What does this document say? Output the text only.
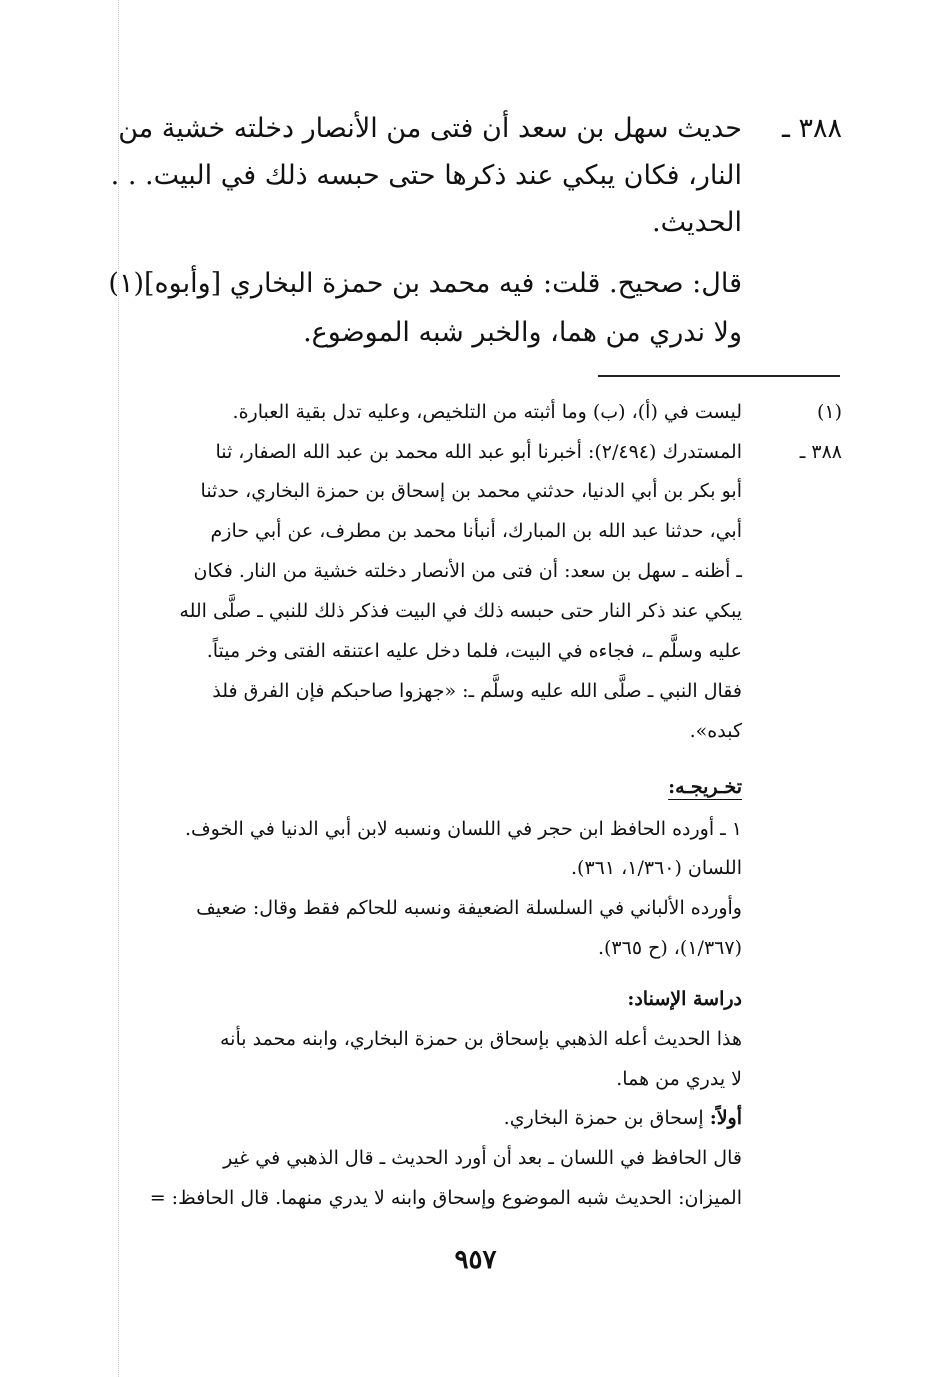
٣٨٨ ـ
حديث سهل بن سعد أن فتى من الأنصار دخلته خشية من
النار، فكان يبكي عند ذكرها حتى حبسه ذلك في البيت. . .
الحديث.
قال: صحيح. قلت: فيه محمد بن حمزة البخاري [وأبوه](١)
ولا ندري من هما، والخبر شبه الموضوع.
(١)
ليست في (أ)، (ب) وما أثبته من التلخيص، وعليه تدل بقية العبارة.
٣٨٨ ـ
المستدرك (٢/٤٩٤): أخبرنا أبو عبد الله محمد بن عبد الله الصفار، ثنا
أبو بكر بن أبي الدنيا، حدثني محمد بن إسحاق بن حمزة البخاري، حدثنا
أبي، حدثنا عبد الله بن المبارك، أنبأنا محمد بن مطرف، عن أبي حازم
ـ أظنه ـ سهل بن سعد: أن فتى من الأنصار دخلته خشية من النار. فكان
يبكي عند ذكر النار حتى حبسه ذلك في البيت فذكر ذلك للنبي ـ صلَّى الله
عليه وسلَّم ـ، فجاءه في البيت، فلما دخل عليه اعتنقه الفتى وخر ميتاً.
فقال النبي ـ صلَّى الله عليه وسلَّم ـ: «جهزوا صاحبكم فإن الفرق فلذ
كبده».
تخـريجـه:
١ ـ أورده الحافظ ابن حجر في اللسان ونسبه لابن أبي الدنيا في الخوف.
اللسان (١/٣٦٠، ٣٦١).
وأورده الألباني في السلسلة الضعيفة ونسبه للحاكم فقط وقال: ضعيف
(١/٣٦٧)، (ح ٣٦٥).
دراسة الإسناد:
هذا الحديث أعله الذهبي بإسحاق بن حمزة البخاري، وابنه محمد بأنه
لا يدري من هما.
أولاً: إسحاق بن حمزة البخاري.
قال الحافظ في اللسان ـ بعد أن أورد الحديث ـ قال الذهبي في غير
الميزان: الحديث شبه الموضوع وإسحاق وابنه لا يدري منهما. قال الحافظ: =
٩٥٧
